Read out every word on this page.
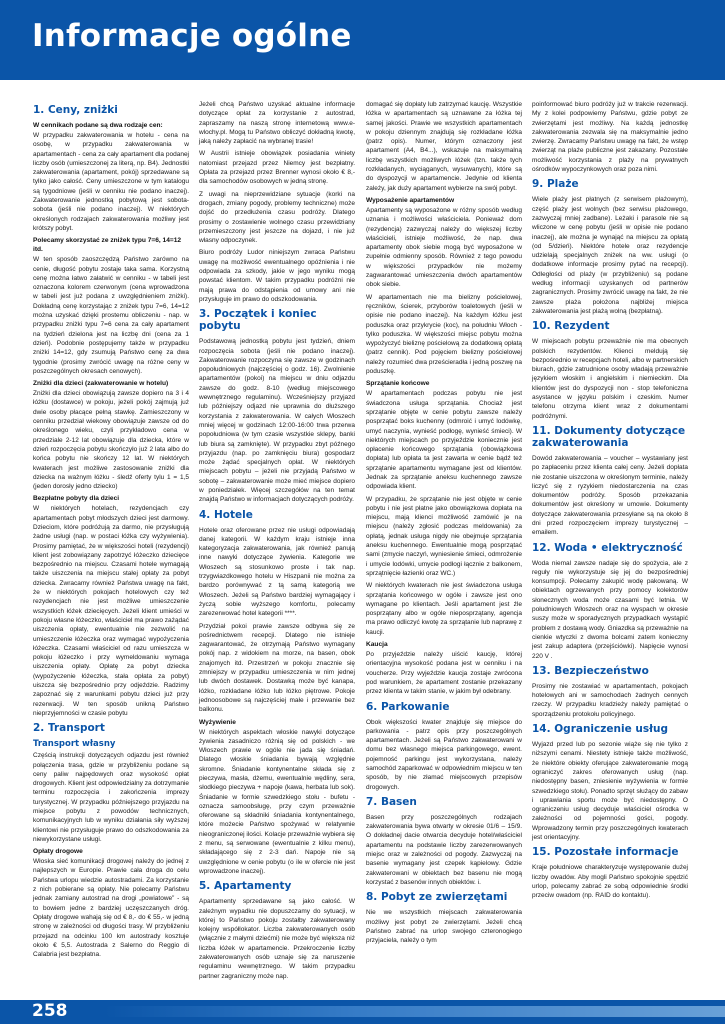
Informacje ogólne
1. Ceny, zniżki
W cennikach podane są dwa rodzaje cen:

W przypadku zakwaterowania w hotelu - cena na osobę, w przypadku zakwaterowania w apartamentach - cena za cały apartament dla podanej liczby osób (umieszczonej za literą, np. B4). Jednostki zakwaterowania (apartament, pokój) sprzedawane są tylko jako całość. Ceny umieszczone w tym katalogu są tygodniowe (jeśli w cenniku nie podano inaczej). Zakwaterowanie jednostką pobytową jest sobota-sobota (jeśli nie podano inaczej). W niektórych określonych rodzajach zakwaterowania możliwy jest krótszy pobyt.

Polecamy skorzystać ze zniżek typu 7=6, 14=12 itd.

W ten sposób zaoszczędzą Państwo zarówno na cenie, długość pobytu zostaje taka sama. Korzystną cenę można łatwo załatwić w cenniku - w tabeli jest oznaczona kolorem czerwonym (cena wprowadzona w tabeli jest już podana z uwzględnieniem zniżki). Dokładną cenę korzystając z zniżek typu 7=6, 14=12 można uzyskać dzięki prostemu obliczeniu - nap. w przypadku zniżki typu 7=6 cena za cały apartament na tydzień dzielona jest na liczbę dni (cena za 1 dzień). Podobnie postępujemy także w przypadku zniżki 14=12, gdy zsumują Państwo cenę za dwa tygodnie (prosimy zwrócić uwagę na różne ceny w poszczególnych okresach cenowych).

Zniżki dla dzieci (zakwaterowanie w hotelu)

Zniżki dla dzieci obowiązują zawsze dopiero na 3 i 4 łóżku (dostawce) w pokoju, jeżeli pokój zajmują już dwie osoby płacące pełną stawkę. Zamieszczony w cenniku przedział wiekowy obowiązuje zawsze od do określonego wieku, czyli przykładowo cena w przedziale 2-12 lat obowiązuje dla dziecka, które w dzień rozpoczęcia pobytu skończyło już 2 lata albo do końca pobytu nie skończy 12 lat. W niektórych kwaterach jest możliwe zastosowanie zniżki dla dziecka na ważnym łóżku - śledź oferty tylu 1 = 1,5 (jeden dorosły jedno dziecko)

Bezpłatne pobyty dla dzieci

W niektórych hotelach, rezydencjach czy apartamentach pobyt młodszych dzieci jest darmowy. Dzieciom, które podróżują za darmo, nie przysługują żadne usługi (nap. w postaci łóżka czy wyżywienia). Prosimy pamiętać, że w większości hoteli (rezydencji) klient jest zobowiązany zapotrzyć łóżeczko dziecięce bezpośrednio na miejscu. Czasami hotele wymagają także uiszczenia na miejscu stałej opłaty za pobyt dziecka. Zwracamy również Państwa uwagę na fakt, że w niektórych pokojach hotelowych czy też rezydencjach nie jest możliwe umieszczenie wszystkich łóżek dziecięcych. Jeżeli klient umieści w pokoju własne łóżeczko, właściciel ma prawo zażądać uiszczenia opłaty, ewentualnie nie zezwolić na umieszczenie łóżeczka oraz wymagać wypożyczenia łóżeczka. Czasami właściciel od razu umieszcza w pokoju łóżeczko i przy wymeldowaniu wymaga uiszczenia opłaty. Opłatę za pobyt dziecka (wypożyczenie łóżeczka, stała opłata za pobyt) uiszcza się bezpośrednio przy odjeździe. Radzimy zapoznać się z warunkami pobytu dzieci już przy rezerwacji. W ten sposób unikną Państwo nieprzyjemności w czasie pobytu

2. Transport
Transport własny

Częścią instrukcji dotyczących odjazdu jest również połączenia trasa, gdzie w przybliżeniu podane są ceny paliw najpędowych oraz wysokość opłat drogowych. Klient jest odpowiedzialny za dotrzymanie terminu rozpoczęcia i zakończenia imprezy turystycznej. W przypadku późniejszego przyjazdu na miejsce pobytu z powodów technicznych, komunikacyjnych lub w wyniku działania siły wyższej klientowi nie przysługuje prawo do odszkodowania za niewykorzystane usługi.

Opłaty drogowe

Włoska sieć komunikacji drogowej należy do jednej z najlepszych w Europie. Prawie cała droga do celu Państwa urlopu wiedzie autostradami. Za korzystanie z nich pobierane są opłaty. Nie polecamy Państwu jednak zamiany autostrad na drogi „powiatowe” - są to bowiem jedne z bardziej uczęszczanych dróg. Opłaty drogowe wahają się od € 8,- do € 55,- w jedną stronę w zależności od długości trasy. W przybliżeniu przejazd na odcinku 100 km autostrady kosztuje około € 5,5. Autostrada z Salerno do Reggio di Calabria jest bezpłatna.

Jeżeli chcą Państwo uzyskać aktualne informacje dotyczące opłat za korzystanie z autostrad, zapraszamy na naszą stronę internetową www.e-wlochy.pl. Mogą tu Państwo obliczyć dokładną kwotę, jaką należy zapłacić na wybranej trasie!

W Austrii istnieje obowiązek posiadania winiety natomiast przejazd przez Niemcy jest bezpłatny. Opłata za przejazd przez Brenner wynosi około € 8,- dla samochodów osobowych w jedną stronę.

Z uwagi na nieprzewidziane sytuacje (korki na drogach, zmiany pogody, problemy techniczne) może dojść do przedłużenia czasu podróży. Dlatego prosimy o zostawienie wolnego czasu przewidziany przemieszczony jest jeszcze na dojazd, i nie już własny odpoczynek.

Biuro podróży Ludor niniejszym zwraca Państwu uwagę na możliwość ewentualnego opóźnienia i nie odpowiada za szkody, jakie w jego wyniku mogą powstać klientom. W takim przypadku podróżni nie mają prawa do odstąpienia od umowy ani nie przysługuje im prawo do odszkodowania.

3. Początek i koniec pobytu

Podstawową jednostką pobytu jest tydzień, dniem rozpoczęcia sobota (jeśli nie podano inaczej). Zakwaterowanie rozpoczyna się zawsze w godzinach popołudniowych (najczęściej o godz. 16). Zwolnienie apartamentów (pokoi) na miejscu w dniu odjazdu zawsze do godz. 8-10 (według miejscowego wewnętrznego regulaminu). Wcześniejszy przyjazd lub późniejszy odjazd nie uprawnia do dłuższego korzystania z zakwaterowania. W całych Włoszech mniej więcej w godzinach 12:00-16:00 trwa przerwa popołudniowa (w tym czasie wszystkie sklepy, banki lub biura są zamknięte). W przypadku zbyt późnego przyjazdu (nap. po zamknięciu biura) gospodarz może żądać specjalnych opłat. W niektórych miejscach pobytu – jeżeli nie przyjadą Państwo w sobotę – zakwaterowanie może mieć miejsce dopiero w poniedziałek. Więcej szczegółów na ten temat znajdą Państwo w informacjach dotyczących podróży.

4. Hotele

Hotele oraz oferowane przez nie usługi odpowiadają danej kategorii. W każdym kraju istnieje inna kategoryzacja zakwaterowania, jak również panują inne nawyki dotyczące żywienia. Kategorie we Włoszech są stosunkowo proste i tak nap. trzygwiazdkowego hotelu w Hiszpanii nie można za bardzo porównywać z tą samą kategorią we Włoszech. Jeżeli są Państwo bardziej wymagający i życzą sobie wyższego komfortu, polecamy zarezerwować hotel kategorii ****.

Przydział pokoi prawie zawsze odbywa się ze pośrednictwem recepcji. Dlatego nie istnieje zagwarantować, że otrzymają Państwo wymagany pokój nap. z widokiem na morze, na basen, obok znajomych itd. Przestrzeń w pokoju znacznie się zmniejszy w przypadku umieszczenia w nim jednej lub dwóch dostawek. Dostawką może być kanapa, łóżko, rozkładane łóżko lub łóżko piętrowe. Pokoje jednoosobowe są najczęściej małe i przewanie bez balkonu.

Wyżywienie

W niektórych aspektach włoskie nawyki dotyczące żywienia zasadniczo różnią się od polskich - we Włoszech prawie w ogóle nie jada się śniadań. Dlatego włoskie śniadania bywają względnie skromne. Śniadanie kontynentalne składa się z pieczywa, masła, dżemu, ewentualnie wędliny, sera, słodkiego pieczywa + napoje (kawa, herbata lub sok). Śniadanie w formie szwedzkiego stołu - bufetu - oznacza samoobsługę, przy czym przeważnie oferowane są składniki śniadania kontynentalnego, które możecie Państwo spożywać w relatywnie nieograniczonej ilości. Kolacje przeważnie wybiera się z menu, są serwowane (ewentualnie z kilku menu), składającego się z 2-3 dań. Napoje nie są uwzględnione w cenie pobytu (o ile w ofercie nie jest wprowadzone inaczej).

5. Apartamenty

Apartamenty sprzedawane są jako całość. W zależnym wypadku nie dopuszczamy do sytuacji, w której to Państwo pokoju zostałby zakwaterowany kolejny współlokator. Liczba zakwaterowanych osób (włącznie z małymi dziećmi) nie może być większa niż liczba łóżek w apartamencie. Przekroczenie liczby zakwaterowanych osób uznaje się za naruszenie regulaminu wewnętrznego. W takim przypadku partner zagraniczny może nap.

domagać się dopłaty lub zatrzymać kaucję. Wszystkie łóżka w apartamentach są uznawane za łóżka tej samej jakości. Prawie we wszystkich apartamentach w pokoju dziennym znajdują się rozkładane łóżka (patrz opis). Numer, którym oznaczony jest apartament (A4, B4...), wskazuje na maksymalną liczbę wszystkich możliwych łóżek (tzn. także tych rozkładanych, wyciąganych, wysuwanych), które są do dyspozycji w apartamencie. Jedynie od klienta zależy, jak duży apartament wybierze na swój pobyt.

Wyposażenie apartamentów

Apartamenty są wyposażone w różny sposób według uznania i możliwości właściciela. Ponieważ dom (rezydencja) zazwyczaj należy do większej liczby właścicieli, istnieje możliwość, że nap. dwa apartamenty obok siebie mogą być wyposażone w zupełnie odmienny sposób. Również z tego powodu w większości przypadków nie możemy zagwarantować umieszczenia dwóch apartamentów obok siebie.

W apartamentach nie ma bielizny pościelowej, ręczników, ścierek, przyborów toaletowych (jeśli w opisie nie podano inaczej). Na każdym łóżku jest poduszka oraz przykrycie (koc), na południu Włoch - tylko poduszka. W większości miejsc pobytu można wypożyczyć bieliznę pościelową za dodatkową opłatą (patrz cennik). Pod pojęciem bielizny pościelowej należy rozumieć dwa prześcieradła i jedną poszwę na poduszkę.

Sprzątanie końcowe

W apartamentach podczas pobytu nie jest świadczona usługa sprzątania. Chociaż jest sprzątanie objęte w cenie pobytu zawsze należy posprzątać boks kuchenny (odmroić i umyć lodówkę, umyć naczynia, wynieść podłogę, wynieść śmieci). W niektórych miejscach po przyjeździe koniecznie jest opłacenie końcowego sprzątania (obowiązkowa dopłata) lub opłata ta jest zawarta w cenie bądź też sprzątanie apartamentu wymagane jest od klientów. Jednak za sprzątanie aneksu kuchennego zawsze odpowiada klient.

W przypadku, że sprzątanie nie jest objęte w cenie pobytu i nie jest płatne jako obowiązkowa dopłata na miejscu, mają klienci możliwość zamówić je na miejscu (należy zgłosić podczas meldowania) za opłatą, jednak usługa nigdy nie obejmuje sprzątania aneksu kuchennego. Ewentualnie mogą posprzątać sami (zmycie naczyń, wyniesienie śmieci, odmrożenie i umycie lodówki, umycie podłogi łącznie z balkonem, sprzątnięcie łazienki oraz WC.)

W niektórych kwaterach nie jest świadczona usługa sprzątania końcowego w ogóle i zawsze jest ono wymagane po klientach. Jeśli apartament jest źle posprzątany albo w ogóle nieposprzątany, agencja ma prawo odliczyć kwotę za sprzątanie lub naprawę z kaucji.

Kaucja

Po przyjeździe należy uiścić kaucję, której orientacyjna wysokość podana jest w cenniku i na voucherze. Przy wyjeździe kaucja zostaje zwrócona pod warunkiem, że apartament zostanie przekazany przez klienta w takim stanie, w jakim był odebrany.

6. Parkowanie

Obok większości kwater znajduje się miejsce do parkowania - patrz opis przy poszczególnych apartamentach. Jeżeli są Państwo zakwaterowani w domu bez własnego miejsca parkingowego, ewent. pojemność parkingu jest wykorzystana, należy samochód zaparkować w odpowiednim miejscu w ten sposób, by nie złamać miejscowych przepisów drogowych.

7. Basen

Basen przy poszczególnych rodzajach zakwaterowania bywa otwarty w okresie 01/6 – 15/9. O dokładnej dacie otwarcia decyduje hotel/właściciel apartamentu na podstawie liczby zarezerwowanych miejsc oraz w zależności od pogody. Zazwyczaj na basenie wymagany jest czepek kąpielowy. Gdzie zakwaterowani w obiektach bez basenu nie mogą korzystać z basenów innych obiektów. i.

8. Pobyt ze zwierzętami

Nie we wszystkich miejscach zakwaterowania możliwy jest pobyt ze zwierzętami. Jeżeli chcą Państwo zabrać na urlop swojego czteronogiego przyjaciela, należy o tym

poinformować biuro podróży już w trakcie rezerwacji. My z kolei podpowiemy Państwu, gdzie pobyt ze zwierzętami jest możliwy. Na każdą jednostkę zakwaterowania zezwala się na maksymalnie jedno zwierzę. Zwracamy Państwu uwagę na fakt, że wstęp zwierząt na plaże publiczne jest zakazany. Pozostałe możliwość korzystania z plaży na prywatnych ośrodków wypoczynkowych oraz poza nimi.

9. Plaże

Wiele plaży jest płatnych (z serwisem plażowym), część plaży jest wolnych (bez serwisu plażowego, zazwyczaj mniej zadbane). Leżaki i parasole nie są wliczone w cenę pobytu (jeśli w opisie nie podano inaczej), ale można je wynająć na miejscu za opłatą (od 5/dzień). Niektóre hotele oraz rezydencje udzielają specjalnych zniżek na ww. usługi (o dodatkowe informacje prosimy pytać na recepcji). Odległości od plaży (w przybliżeniu) są podane według informacji uzyskanych od partnerów zagranicznych. Prosimy zwrócić uwagę na fakt, że nie zawsze plaża położona najbliżej miejsca zakwaterowania jest plażą wolną (bezpłatną).

10. Rezydent

W miejscach pobytu przeważnie nie ma obecnych polskich rezydentów. Klienci meldują się bezpośrednio w recepcjach hoteli, albo w partnerskich biurach, gdzie zatrudnione osoby władają przeważnie językiem włoskim i angielskim i niemieckim. Dla klientów jest do dyspozycji non - stop telefoniczna asystance w języku polskim i czeskim. Numer telefonu otrzyma klient wraz z dokumentami podróżnymi.

11. Dokumenty dotyczące zakwaterowania

Dowód zakwaterowania – voucher – wystawiany jest po zapłaceniu przez klienta całej ceny. Jeżeli dopłata nie zostanie uiszczona w określonym terminie, należy liczyć się z ryzykiem niedostarczenia na czas dokumentów podróży. Sposób przekazania dokumentów jest określony w umowie. Dokumenty dotyczące zakwaterowania przesyłane są na około 8 dni przed rozpoczęciem imprezy turystycznej – emailem.

12. Woda • elektryczność

Woda niemal zawsze nadaje się do spożycia, ale z reguły nie wykorzystuje się jej do bezpośredniej konsumpcji. Polecamy zakupić wodę pakowaną. W obiektach ogrzewanych przy pomocy kolektorów słonecznych woda może czasami być letnia. W południowych Włoszech oraz na wyspach w okresie suszy może w sporadycznych przypadkach wystąpić problem z dostawą wody. Gniazdka są przeważnie na cienkie wtyczki z dwoma bolcami zatem konieczny jest zakup adaptera (przejściówki). Napięcie wynosi 220 V .

13. Bezpieczeństwo

Prosimy nie zostawiać w apartamentach, pokojach hotelowych ani w samochodach żadnych cennych rzeczy. W przypadku kradzieży należy pamiętać o sporządzeniu protokołu policyjnego.

14. Ograniczenie usług

Wyjazd przed lub po sezonie wiąże się nie tylko z niższymi cenami. Niestety istnieje także możliwość, że niektóre obiekty oferujące zakwaterowanie mogą ograniczyć zakres oferowanych usług (nap. niedostępny basen, zniesienie wyżywienia w formie szwedzkiego stołu). Ponadto sprzęt służący do zabaw i uprawiania sportu może być niedostępny. O ograniczeniu usług decyduje właściciel ośrodka w zależności od pojemności gości, pogody. Wprowadzony termin przy poszczególnych kwaterach jest orientacyjny.

15. Pozostałe informacje

Kraje południowe charakteryzuje występowanie dużej liczby owadów. Aby mogli Państwo spokojnie spędzić urlop, polecamy zabrać ze sobą odpowiednie środki przeciw owadom (np. RAID do kontaktu).

258
